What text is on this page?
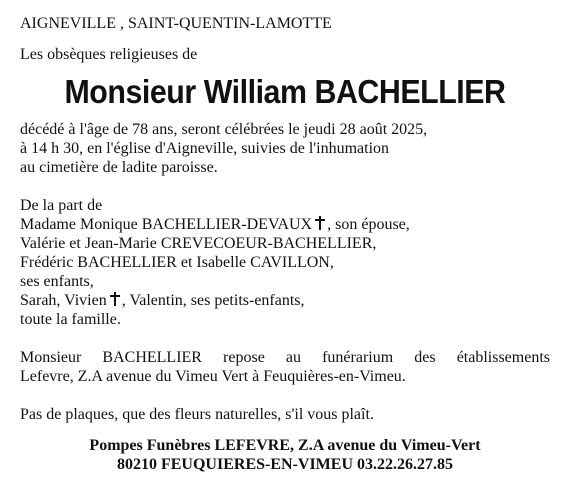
AIGNEVILLE , SAINT-QUENTIN-LAMOTTE
Les obsèques religieuses de
Monsieur William BACHELLIER
décédé à l'âge de 78 ans, seront célébrées le jeudi 28 août 2025,
à 14 h 30, en l'église d'Aigneville, suivies de l'inhumation
au cimetière de ladite paroisse.
De la part de
Madame Monique BACHELLIER-DEVAUX , son épouse,
Valérie et Jean-Marie CREVECOEUR-BACHELLIER,
Frédéric BACHELLIER et Isabelle CAVILLON,
ses enfants,
Sarah, Vivien , Valentin, ses petits-enfants,
toute la famille.
Monsieur BACHELLIER repose au funérarium des établissements
Lefevre, Z.A avenue du Vimeu Vert à Feuquières-en-Vimeu.
Pas de plaques, que des fleurs naturelles, s'il vous plaît.
Pompes Funèbres LEFEVRE, Z.A avenue du Vimeu-Vert
80210 FEUQUIERES-EN-VIMEU 03.22.26.27.85
